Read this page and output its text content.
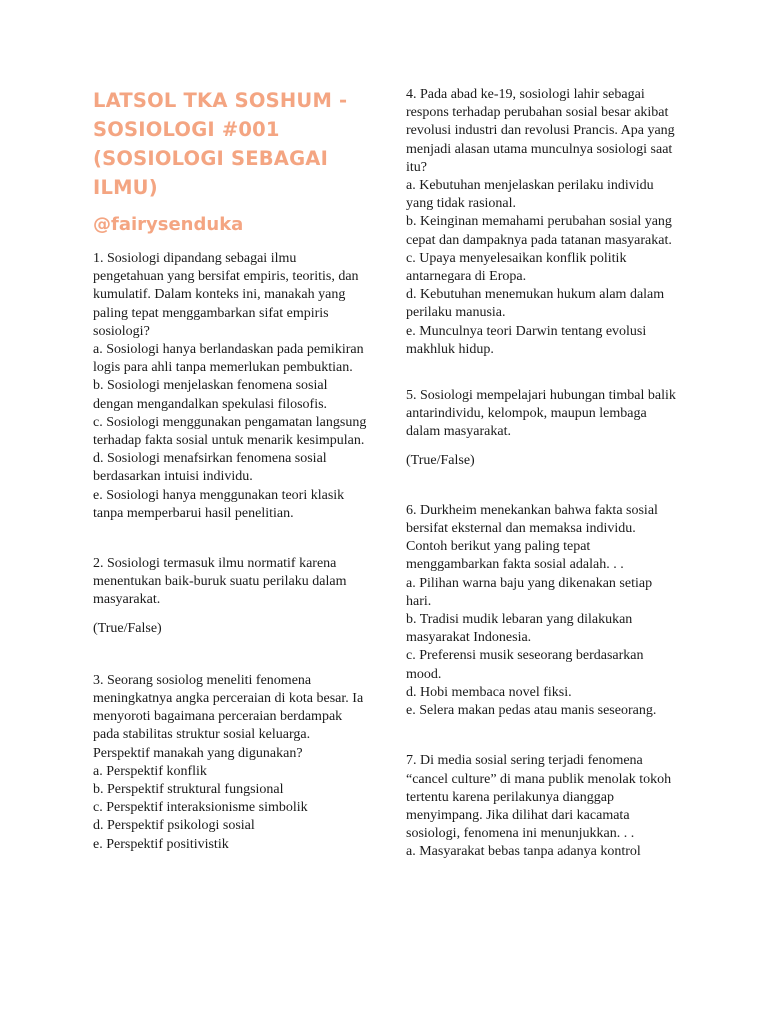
LATSOL TKA SOSHUM - SOSIOLOGI #001 (SOSIOLOGI SEBAGAI ILMU)
@fairysenduka

1. Sosiologi dipandang sebagai ilmu pengetahuan yang bersifat empiris, teoritis, dan kumulatif. Dalam konteks ini, manakah yang paling tepat menggambarkan sifat empiris sosiologi?

a. Sosiologi hanya berlandaskan pada pemikiran logis para ahli tanpa memerlukan pembuktian.
b. Sosiologi menjelaskan fenomena sosial dengan mengandalkan spekulasi filosofis.
c. Sosiologi menggunakan pengamatan langsung terhadap fakta sosial untuk menarik kesimpulan.
d. Sosiologi menafsirkan fenomena sosial berdasarkan intuisi individu.
e. Sosiologi hanya menggunakan teori klasik tanpa memperbarui hasil penelitian.

2. Sosiologi termasuk ilmu normatif karena menentukan baik-buruk suatu perilaku dalam masyarakat.

(True/False)

3. Seorang sosiolog meneliti fenomena meningkatnya angka perceraian di kota besar. Ia menyoroti bagaimana perceraian berdampak pada stabilitas struktur sosial keluarga. Perspektif manakah yang digunakan?

a. Perspektif konflik
b. Perspektif struktural fungsional
c. Perspektif interaksionisme simbolik
d. Perspektif psikologi sosial
e. Perspektif positivistik

4. Pada abad ke-19, sosiologi lahir sebagai respons terhadap perubahan sosial besar akibat revolusi industri dan revolusi Prancis. Apa yang menjadi alasan utama munculnya sosiologi saat itu?

a. Kebutuhan menjelaskan perilaku individu yang tidak rasional.
b. Keinginan memahami perubahan sosial yang cepat dan dampaknya pada tatanan masyarakat.
c. Upaya menyelesaikan konflik politik antarnegara di Eropa.
d. Kebutuhan menemukan hukum alam dalam perilaku manusia.
e. Munculnya teori Darwin tentang evolusi makhluk hidup.

5. Sosiologi mempelajari hubungan timbal balik antarindividu, kelompok, maupun lembaga dalam masyarakat.

(True/False)

6. Durkheim menekankan bahwa fakta sosial bersifat eksternal dan memaksa individu. Contoh berikut yang paling tepat menggambarkan fakta sosial adalah. . .

a. Pilihan warna baju yang dikenakan setiap hari.
b. Tradisi mudik lebaran yang dilakukan masyarakat Indonesia.
c. Preferensi musik seseorang berdasarkan mood.
d. Hobi membaca novel fiksi.
e. Selera makan pedas atau manis seseorang.

7. Di media sosial sering terjadi fenomena “cancel culture” di mana publik menolak tokoh tertentu karena perilakunya dianggap menyimpang. Jika dilihat dari kacamata sosiologi, fenomena ini menunjukkan. . .

a. Masyarakat bebas tanpa adanya kontrol
